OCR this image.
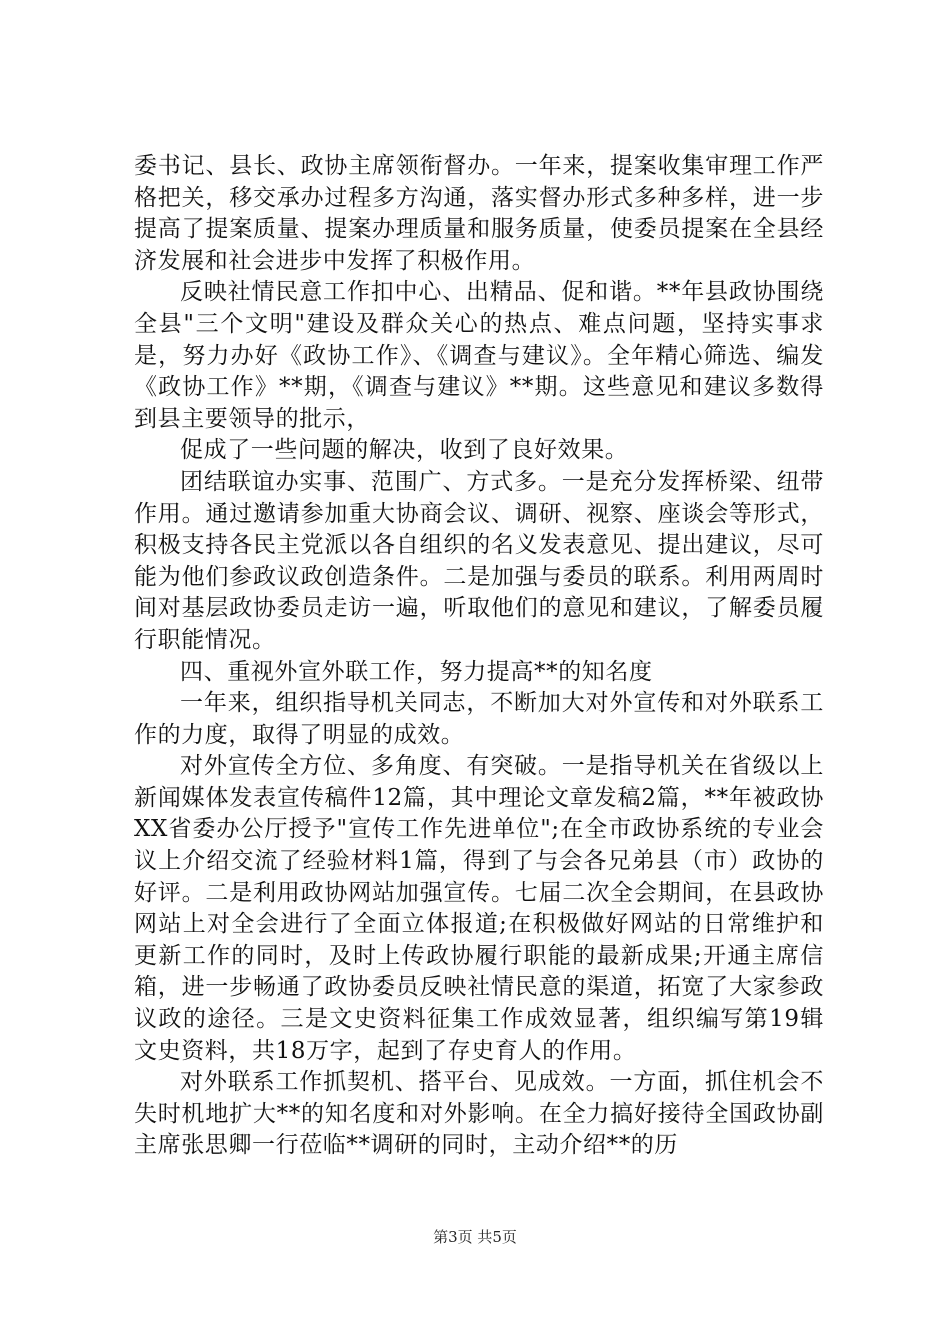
委书记、县长、政协主席领衔督办。一年来，提案收集审理工作严格把关，移交承办过程多方沟通，落实督办形式多种多样，进一步提高了提案质量、提案办理质量和服务质量，使委员提案在全县经济发展和社会进步中发挥了积极作用。

反映社情民意工作扣中心、出精品、促和谐。**年县政协围绕全县"三个文明"建设及群众关心的热点、难点问题，坚持实事求是，努力办好《政协工作》、《调查与建议》。全年精心筛选、编发《政协工作》**期，《调查与建议》**期。这些意见和建议多数得到县主要领导的批示，

促成了一些问题的解决，收到了良好效果。

团结联谊办实事、范围广、方式多。一是充分发挥桥梁、纽带作用。通过邀请参加重大协商会议、调研、视察、座谈会等形式，积极支持各民主党派以各自组织的名义发表意见、提出建议，尽可能为他们参政议政创造条件。二是加强与委员的联系。利用两周时间对基层政协委员走访一遍，听取他们的意见和建议，了解委员履行职能情况。

四、重视外宣外联工作，努力提高**的知名度

一年来，组织指导机关同志，不断加大对外宣传和对外联系工作的力度，取得了明显的成效。

对外宣传全方位、多角度、有突破。一是指导机关在省级以上新闻媒体发表宣传稿件12篇，其中理论文章发稿2篇，**年被政协XX省委办公厅授予"宣传工作先进单位";在全市政协系统的专业会议上介绍交流了经验材料1篇，得到了与会各兄弟县（市）政协的好评。二是利用政协网站加强宣传。七届二次全会期间，在县政协网站上对全会进行了全面立体报道;在积极做好网站的日常维护和更新工作的同时，及时上传政协履行职能的最新成果;开通主席信箱，进一步畅通了政协委员反映社情民意的渠道，拓宽了大家参政议政的途径。三是文史资料征集工作成效显著，组织编写第19辑文史资料，共18万字，起到了存史育人的作用。

对外联系工作抓契机、搭平台、见成效。一方面，抓住机会不失时机地扩大**的知名度和对外影响。在全力搞好接待全国政协副主席张思卿一行莅临**调研的同时，主动介绍**的历

第3页 共5页
